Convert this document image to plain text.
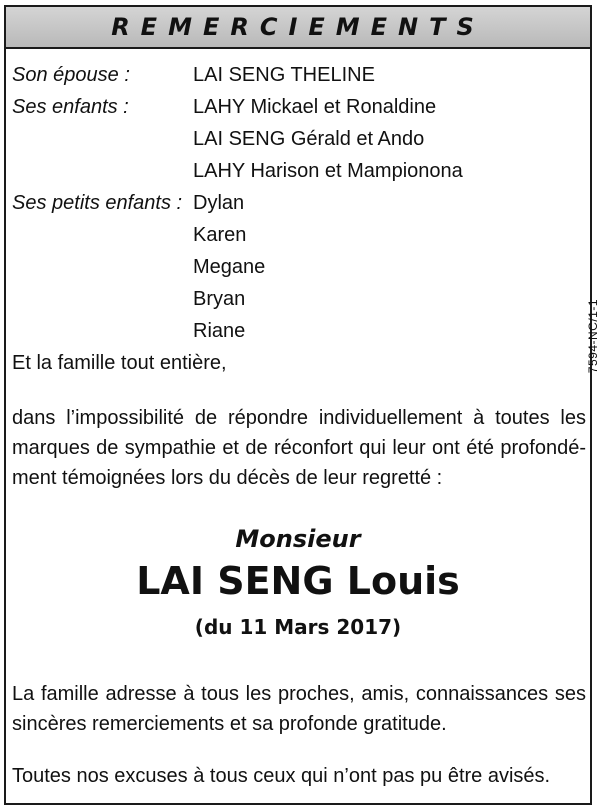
REMERCIEMENTS
Son épouse :	LAI SENG THELINE
Ses enfants :	LAHY Mickael et Ronaldine
LAI SENG Gérald et Ando
LAHY Harison et Mampiononа
Ses petits enfants : Dylan
Karen
Megane
Bryan
Riane
Et la famille tout entière,	7594-NC/1-1
dans l’impossibilité de répondre individuellement à toutes les marques de sympathie et de réconfort qui leur ont été profondé-ment témoignées lors du décès de leur regretté :
Monsieur
LAI SENG Louis
(du 11 Mars 2017)
La famille adresse à tous les proches, amis, connaissances ses sincères remerciements et sa profonde gratitude.
Toutes nos excuses à tous ceux qui n’ont pas pu être avisés.
